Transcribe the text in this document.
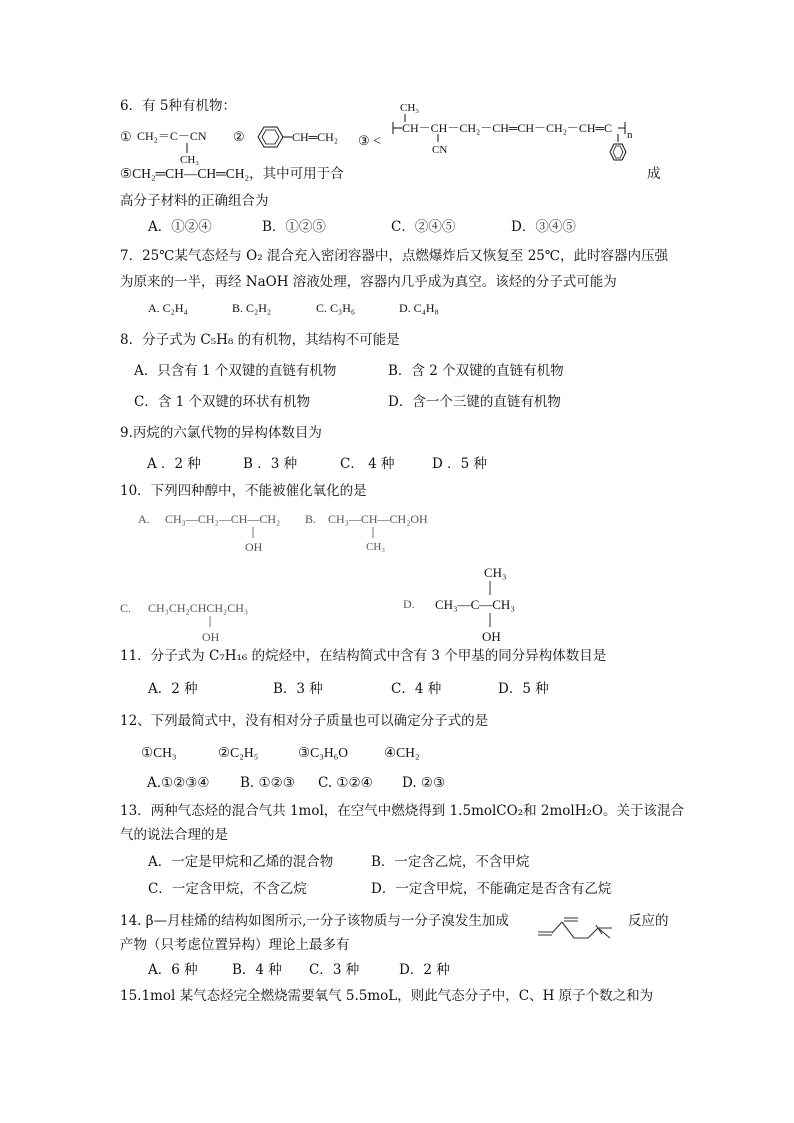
6．有 5种有机物：
① CH₂＝C－CN
CH₃
②	CH═CH₂ ③ <
CH₃
CH－CH－CH₂－CH═CH－CH₂－CH═C n
CN
⑤CH₂═CH—CH═CH₂，其中可用于合	成
高分子材料的正确组合为
A．①②④	B．①②⑤	C．②④⑤	D．③④⑤
7．25℃某气态烃与 O₂ 混合充入密闭容器中，点燃爆炸后又恢复至 25℃，此时容器内压强
为原来的一半，再经 NaOH 溶液处理，容器内几乎成为真空。该烃的分子式可能为
A. C₂H₄	B. C₂H₂	C. C₃H₆	D. C₄H₈
8．分子式为 C₅H₈ 的有机物，其结构不可能是
A．只含有 1 个双键的直链有机物	B．含 2 个双键的直链有机物
C．含 1 个双键的环状有机物	D．含一个三键的直链有机物
9.丙烷的六氯代物的异构体数目为
A ．2 种	B ．3 种	C． 4 种	D ．5 种
10．下列四种醇中，不能被催化氧化的是
A. CH₃—CH₂—CH—CH₂ B. CH₃—CH—CH₂OH
OH	CH₃
C. CH₃CH₂CHCH₂CH₃
OH
CH₃
D. CH₃—C—CH₃
OH
11．分子式为 C₇H₁₆ 的烷烃中，在结构简式中含有 3 个甲基的同分异构体数目是
A．2 种	B．3 种	C．4 种	D．5 种
12、下列最简式中，没有相对分子质量也可以确定分子式的是
①CH₃	②C₂H₅	③C₃H₆O	④CH₂
A.①②③④ B. ①②③ C. ①②④ D. ②③
13．两种气态烃的混合气共 1mol，在空气中燃烧得到 1.5molCO₂和 2molH₂O。关于该混合
气的说法合理的是
A．一定是甲烷和乙烯的混合物	B．一定含乙烷，不含甲烷
C．一定含甲烷，不含乙烷	D．一定含甲烷，不能确定是否含有乙烷
14. β—月桂烯的结构如图所示,一分子该物质与一分子溴发生加成	反应的
产物（只考虑位置异构）理论上最多有
A．6 种	B．4 种 C．3 种	D．2 种
15.1mol 某气态烃完全燃烧需要氧气 5.5moL，则此气态分子中，C、H 原子个数之和为
